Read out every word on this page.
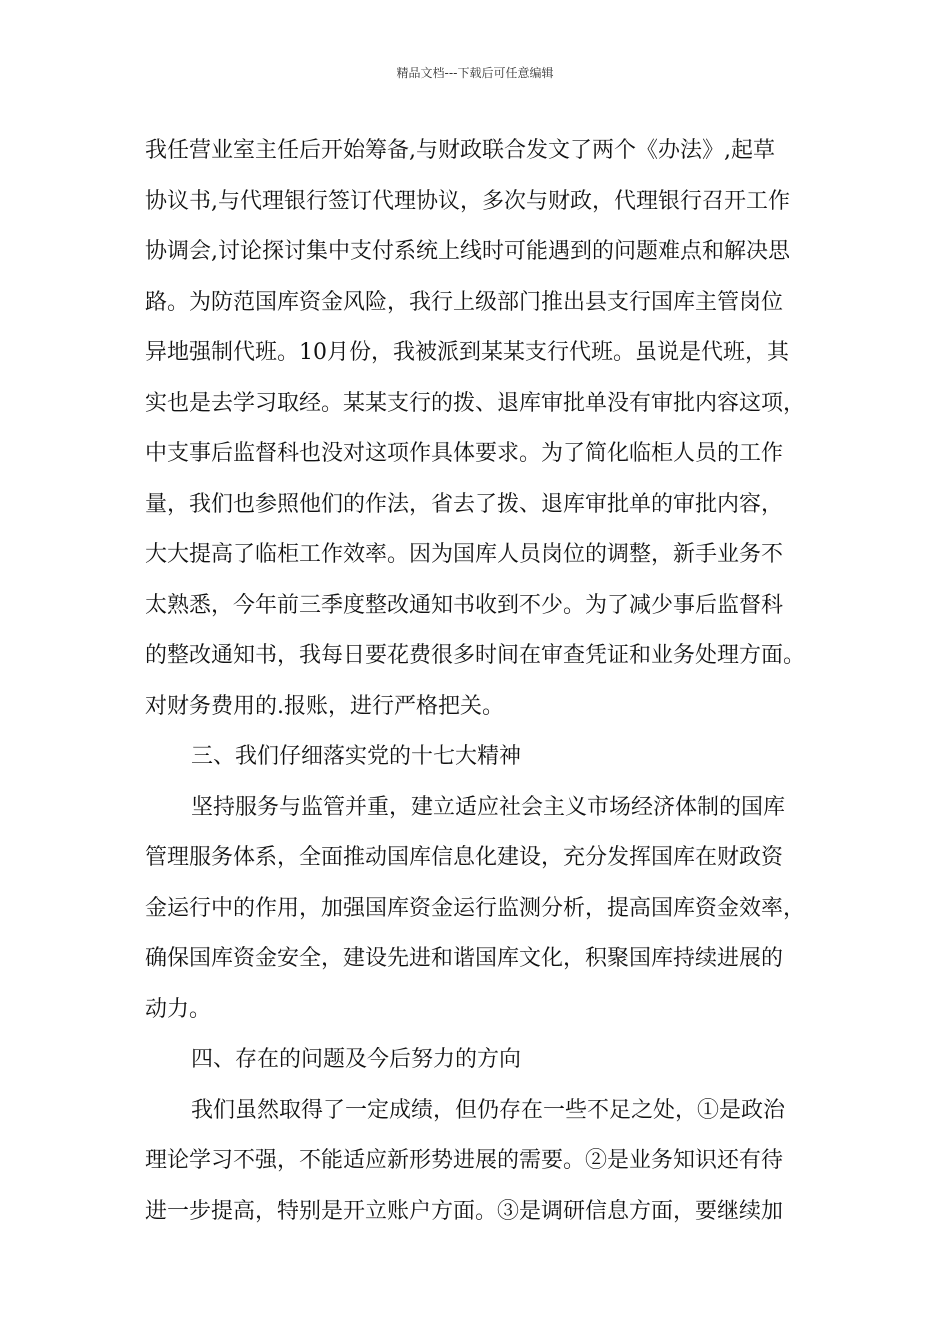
精品文档---下载后可任意编辑
我任营业室主任后开始筹备,与财政联合发文了两个《办法》,起草
协议书,与代理银行签订代理协议，多次与财政，代理银行召开工作
协调会,讨论探讨集中支付系统上线时可能遇到的问题难点和解决思
路。为防范国库资金风险，我行上级部门推出县支行国库主管岗位
异地强制代班。10月份，我被派到某某支行代班。虽说是代班，其
实也是去学习取经。某某支行的拨、退库审批单没有审批内容这项，
中支事后监督科也没对这项作具体要求。为了简化临柜人员的工作
量，我们也参照他们的作法，省去了拨、退库审批单的审批内容，
大大提高了临柜工作效率。因为国库人员岗位的调整，新手业务不
太熟悉，今年前三季度整改通知书收到不少。为了减少事后监督科
的整改通知书，我每日要花费很多时间在审查凭证和业务处理方面。
对财务费用的.报账，进行严格把关。
三、我们仔细落实党的十七大精神
坚持服务与监管并重，建立适应社会主义市场经济体制的国库
管理服务体系，全面推动国库信息化建设，充分发挥国库在财政资
金运行中的作用，加强国库资金运行监测分析，提高国库资金效率，
确保国库资金安全，建设先进和谐国库文化，积聚国库持续进展的
动力。
四、存在的问题及今后努力的方向
我们虽然取得了一定成绩，但仍存在一些不足之处，①是政治
理论学习不强，不能适应新形势进展的需要。②是业务知识还有待
进一步提高，特别是开立账户方面。③是调研信息方面，要继续加
